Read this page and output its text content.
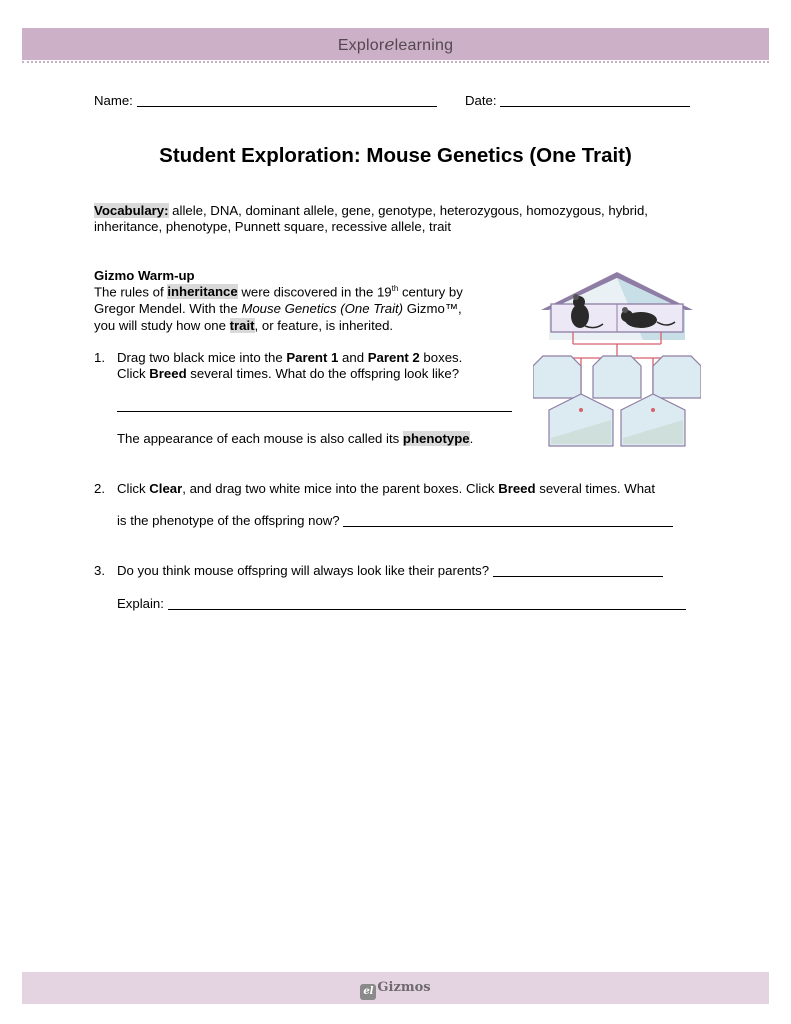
Explorelearning
Name:	Date:
Student Exploration: Mouse Genetics (One Trait)
Vocabulary: allele, DNA, dominant allele, gene, genotype, heterozygous, homozygous, hybrid,
inheritance, phenotype, Punnett square, recessive allele, trait
Gizmo Warm-up
The rules of inheritance were discovered in the 19th century by
Gregor Mendel. With the Mouse Genetics (One Trait) Gizmo™,
you will study how one trait, or feature, is inherited.
1. Drag two black mice into the Parent 1 and Parent 2 boxes.
Click Breed several times. What do the offspring look like?
The appearance of each mouse is also called its phenotype.
2. Click Clear, and drag two white mice into the parent boxes. Click Breed several times. What
is the phenotype of the offspring now?
3. Do you think mouse offspring will always look like their parents?
Explain:
el Gizmos
